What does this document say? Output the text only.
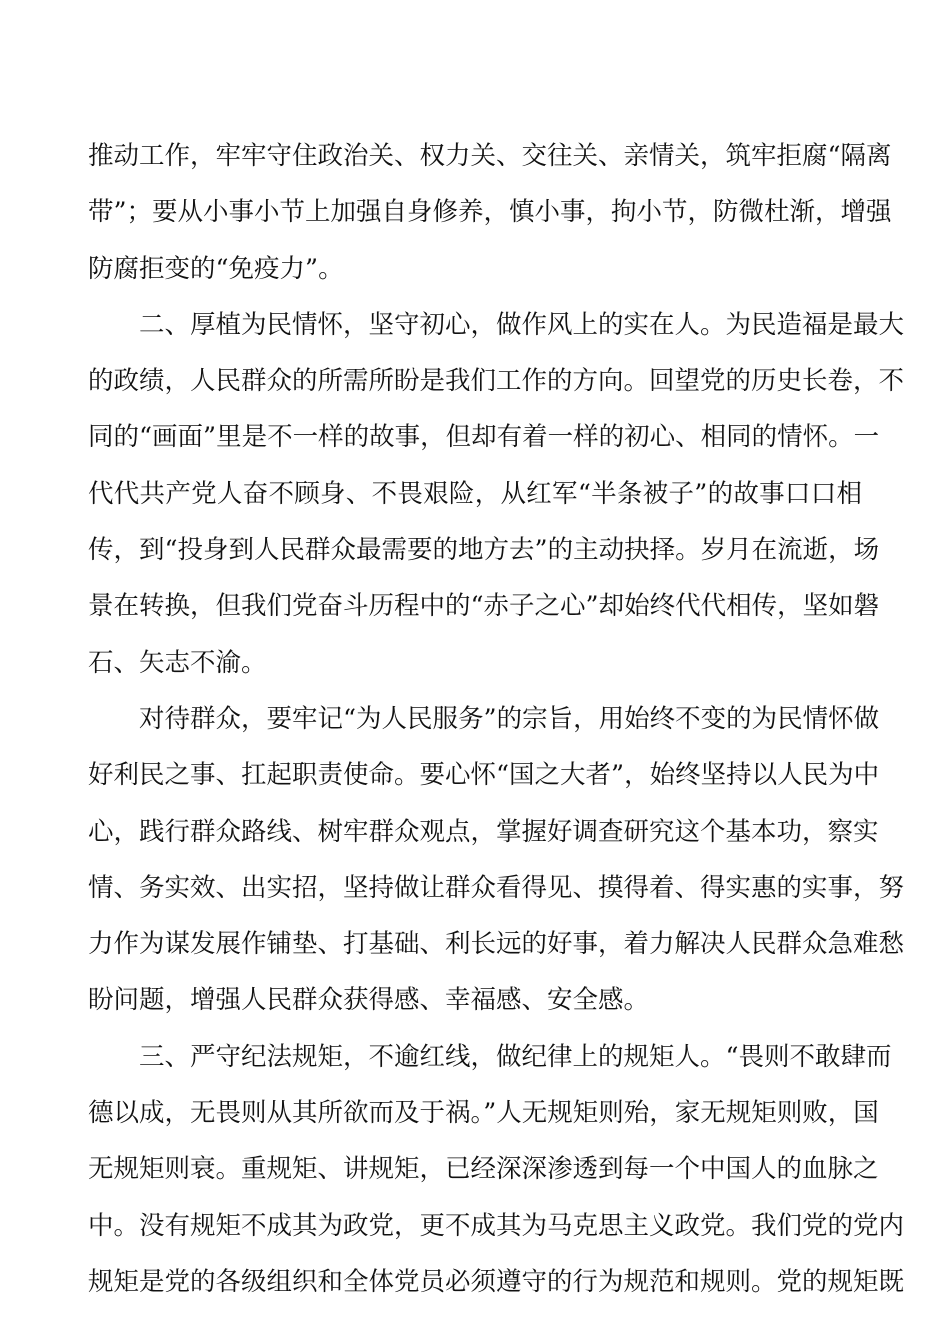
推动工作，牢牢守住政治关、权力关、交往关、亲情关，筑牢拒腐“隔离
带”；要从小事小节上加强自身修养，慎小事，拘小节，防微杜渐，增强
防腐拒变的“免疫力”。
二、厚植为民情怀，坚守初心，做作风上的实在人。为民造福是最大
的政绩，人民群众的所需所盼是我们工作的方向。回望党的历史长卷，不
同的“画面”里是不一样的故事，但却有着一样的初心、相同的情怀。一
代代共产党人奋不顾身、不畏艰险，从红军“半条被子”的故事口口相
传，到“投身到人民群众最需要的地方去”的主动抉择。岁月在流逝，场
景在转换，但我们党奋斗历程中的“赤子之心”却始终代代相传，坚如磐
石、矢志不渝。
对待群众，要牢记“为人民服务”的宗旨，用始终不变的为民情怀做
好利民之事、扛起职责使命。要心怀“国之大者”，始终坚持以人民为中
心，践行群众路线、树牢群众观点，掌握好调查研究这个基本功，察实
情、务实效、出实招，坚持做让群众看得见、摸得着、得实惠的实事，努
力作为谋发展作铺垫、打基础、利长远的好事，着力解决人民群众急难愁
盼问题，增强人民群众获得感、幸福感、安全感。
三、严守纪法规矩，不逾红线，做纪律上的规矩人。“畏则不敢肆而
德以成，无畏则从其所欲而及于祸。”人无规矩则殆，家无规矩则败，国
无规矩则衰。重规矩、讲规矩，已经深深渗透到每一个中国人的血脉之
中。没有规矩不成其为政党，更不成其为马克思主义政党。我们党的党内
规矩是党的各级组织和全体党员必须遵守的行为规范和规则。党的规矩既
